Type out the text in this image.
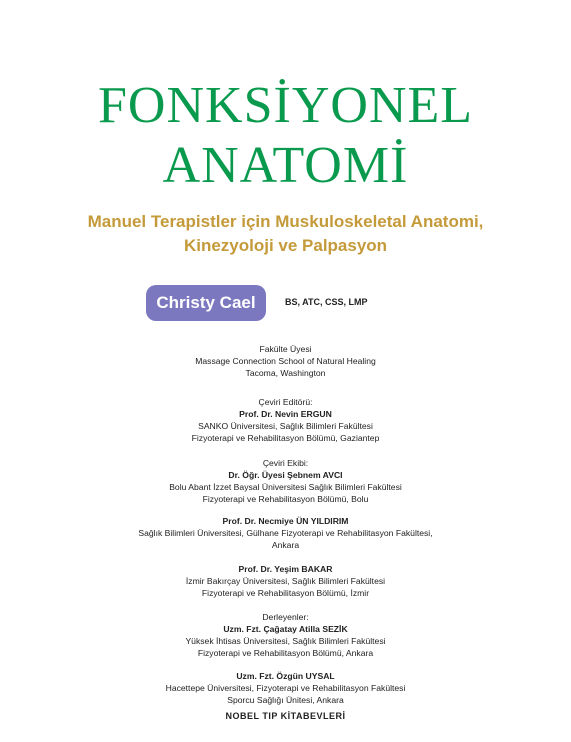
FONKSİYONEL
ANATOMİ
Manuel Terapistler için Muskuloskeletal Anatomi,
Kinezyoloji ve Palpasyon
Christy Cael	BS, ATC, CSS, LMP
Fakülte Üyesi
Massage Connection School of Natural Healing
Tacoma, Washington
Çeviri Editörü:
Prof. Dr. Nevin ERGUN
SANKO Üniversitesi, Sağlık Bilimleri Fakültesi
Fizyoterapi ve Rehabilitasyon Bölümü, Gaziantep
Çeviri Ekibi:
Dr. Öğr. Üyesi Şebnem AVCI
Bolu Abant İzzet Baysal Üniversitesi Sağlık Bilimleri Fakültesi
Fizyoterapi ve Rehabilitasyon Bölümü, Bolu
Prof. Dr. Necmiye ÜN YILDIRIM
Sağlık Bilimleri Üniversitesi, Gülhane Fizyoterapi ve Rehabilitasyon Fakültesi,
Ankara
Prof. Dr. Yeşim BAKAR
İzmir Bakırçay Üniversitesi, Sağlık Bilimleri Fakültesi
Fizyoterapi ve Rehabilitasyon Bölümü, İzmir
Derleyenler:
Uzm. Fzt. Çağatay Atilla SEZİK
Yüksek İhtisas Üniversitesi, Sağlık Bilimleri Fakültesi
Fizyoterapi ve Rehabilitasyon Bölümü, Ankara
Uzm. Fzt. Özgün UYSAL
Hacettepe Üniversitesi, Fizyoterapi ve Rehabilitasyon Fakültesi
Sporcu Sağlığı Ünitesi, Ankara
NOBEL TIP KİTABEVLERİ
